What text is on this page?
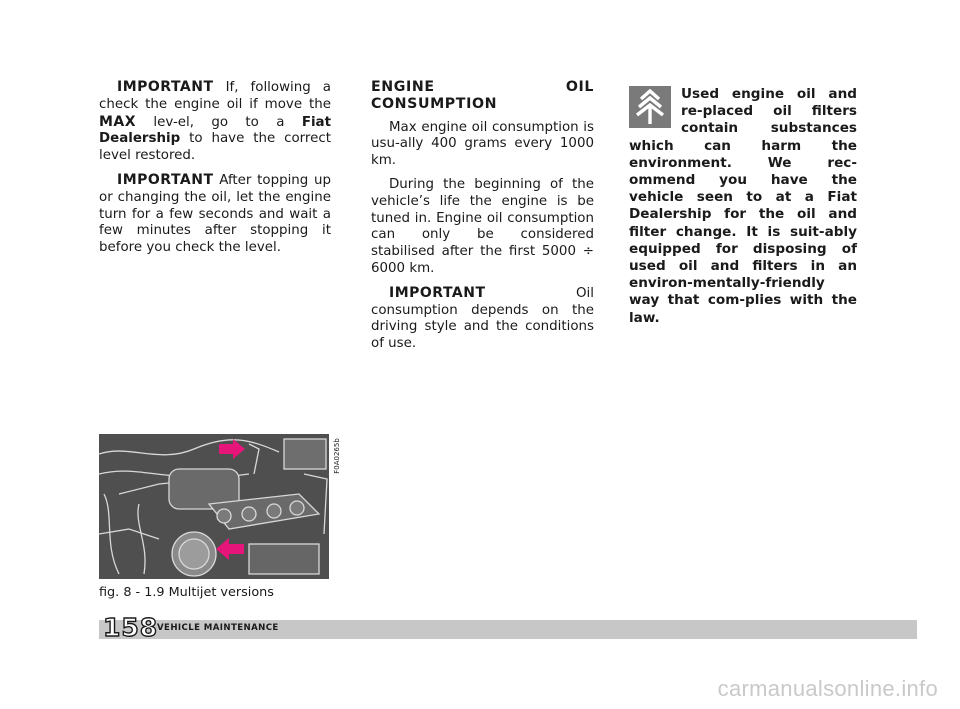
IMPORTANT If, following a check the engine oil if move the MAX lev-el, go to a Fiat Dealership to have the correct level restored.

IMPORTANT After topping up or changing the oil, let the engine turn for a few seconds and wait a few minutes after stopping it before you check the level.

ENGINE OIL CONSUMPTION

Max engine oil consumption is usu-ally 400 grams every 1000 km.

During the beginning of the vehicle’s life the engine is be tuned in. Engine oil consumption can only be considered stabilised after the first 5000 ÷ 6000 km.

IMPORTANT Oil consumption depends on the driving style and the conditions of use.

Used engine oil and re-placed oil filters contain substances which can harm the environment. We rec-ommend you have the vehicle seen to at a Fiat Dealership for the oil and filter change. It is suit-ably equipped for disposing of used oil and filters in an environ-mentally-friendly way that com-plies with the law.

F0A0265b
fig. 8 - 1.9 Multijet versions
158
VEHICLE MAINTENANCE
carmanualsonline.info
